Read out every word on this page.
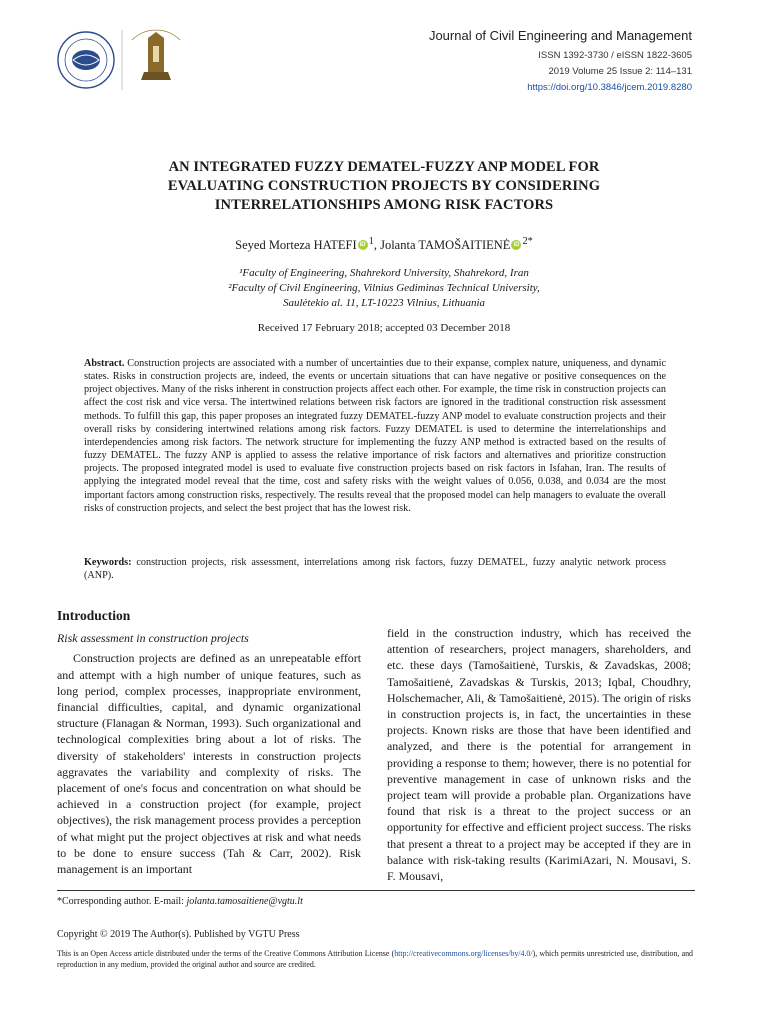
Journal of Civil Engineering and Management
ISSN 1392-3730 / eISSN 1822-3605
2019 Volume 25 Issue 2: 114–131
https://doi.org/10.3846/jcem.2019.8280
AN INTEGRATED FUZZY DEMATEL-FUZZY ANP MODEL FOR
EVALUATING CONSTRUCTION PROJECTS BY CONSIDERING
INTERRELATIONSHIPS AMONG RISK FACTORS
Seyed Morteza HATEFI iD $^1$, Jolanta TAMOŠAITIENĖ iD $^{2*}$
¹Faculty of Engineering, Shahrekord University, Shahrekord, Iran
²Faculty of Civil Engineering, Vilnius Gediminas Technical University,
Saulėtekio al. 11, LT-10223 Vilnius, Lithuania
Received 17 February 2018; accepted 03 December 2018
Abstract. Construction projects are associated with a number of uncertainties due to their expanse, complex nature, uniqueness, and dynamic states. Risks in construction projects are, indeed, the events or uncertain situations that can have negative or positive consequences on the project objectives. Many of the risks inherent in construction projects affect each other. For example, the time risk in construction projects can affect the cost risk and vice versa. The intertwined relations between risk factors are ignored in the traditional construction risk assessment methods. To fulfill this gap, this paper proposes an integrated fuzzy DEMATEL-fuzzy ANP model to evaluate construction projects and their overall risks by considering intertwined relations among risk factors. Fuzzy DEMATEL is used to determine the interrelationships and interdependencies among risk factors. The network structure for implementing the fuzzy ANP method is extracted based on the results of fuzzy DEMATEL. The fuzzy ANP is applied to assess the relative importance of risk factors and alternatives and prioritize construction projects. The proposed integrated model is used to evaluate five construction projects based on risk factors in Isfahan, Iran. The results of applying the integrated model reveal that the time, cost and safety risks with the weight values of 0.056, 0.038, and 0.034 are the most important factors among construction risks, respectively. The results reveal that the proposed model can help managers to evaluate the overall risks of construction projects, and select the best project that has the lowest risk.
Keywords: construction projects, risk assessment, interrelations among risk factors, fuzzy DEMATEL, fuzzy analytic network process (ANP).
Introduction
Risk assessment in construction projects

Construction projects are defined as an unrepeatable effort and attempt with a high number of unique features, such as long period, complex processes, inappropriate environment, financial difficulties, capital, and dynamic organizational structure (Flanagan & Norman, 1993). Such organizational and technological complexities bring about a lot of risks. The diversity of stakeholders' interests in construction projects aggravates the variability and complexity of risks. The placement of one's focus and concentration on what should be achieved in a construction project (for example, project objectives), the risk management process provides a perception of what might put the project objectives at risk and what needs to be done to ensure success (Tah & Carr, 2002). Risk management is an important

field in the construction industry, which has received the attention of researchers, project managers, shareholders, and etc. these days (Tamošaitienė, Turskis, & Zavadskas, 2008; Tamošaitienė, Zavadskas & Turskis, 2013; Iqbal, Choudhry, Holschemacher, Ali, & Tamošaitienė, 2015). The origin of risks in construction projects is, in fact, the uncertainties in these projects. Known risks are those that have been identified and analyzed, and there is the potential for arrangement in providing a response to them; however, there is no potential for preventive management in case of unknown risks and the project team will provide a probable plan. Organizations have found that risk is a threat to the project success or an opportunity for effective and efficient project success. The risks that present a threat to a project may be accepted if they are in balance with risk-taking results (KarimiAzari, N. Mousavi, S. F. Mousavi,

*Corresponding author. E-mail: jolanta.tamosaitiene@vgtu.lt
Copyright © 2019 The Author(s). Published by VGTU Press
This is an Open Access article distributed under the terms of the Creative Commons Attribution License (http://creativecommons.org/licenses/by/4.0/), which permits unrestricted use, distribution, and reproduction in any medium, provided the original author and source are credited.
